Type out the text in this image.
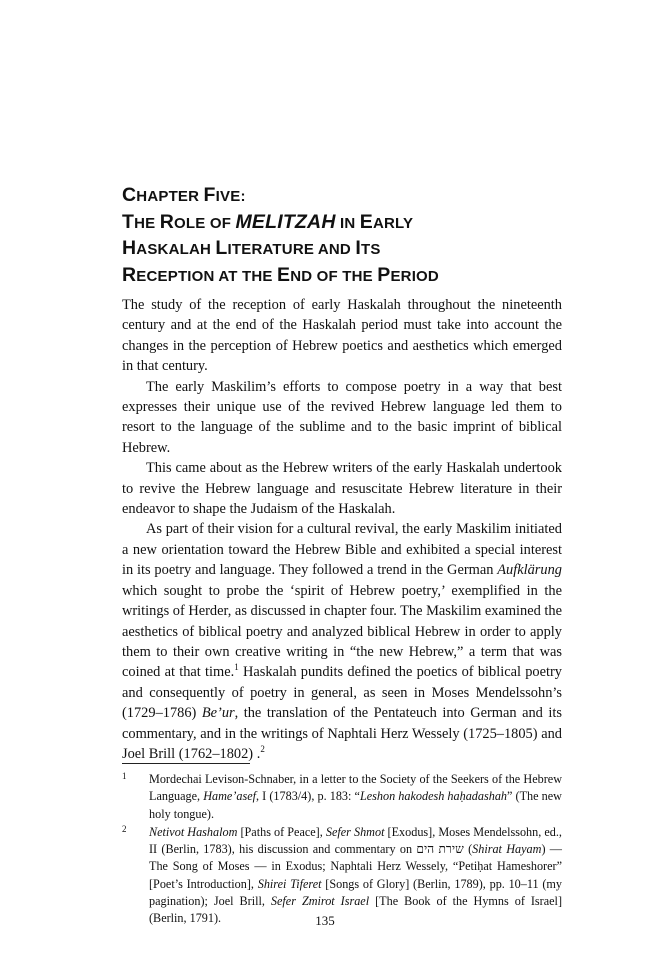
CHAPTER FIVE:
THE ROLE OF MELITZAH IN EARLY
HASKALAH LITERATURE AND ITS
RECEPTION AT THE END OF THE PERIOD

The study of the reception of early Haskalah throughout the nineteenth century and at the end of the Haskalah period must take into account the changes in the perception of Hebrew poetics and aesthetics which emerged in that century.

The early Maskilim’s efforts to compose poetry in a way that best expresses their unique use of the revived Hebrew language led them to resort to the language of the sublime and to the basic imprint of biblical Hebrew.

This came about as the Hebrew writers of the early Haskalah undertook to revive the Hebrew language and resuscitate Hebrew literature in their endeavor to shape the Judaism of the Haskalah.

As part of their vision for a cultural revival, the early Maskilim initiated a new orientation toward the Hebrew Bible and exhibited a special interest in its poetry and language. They followed a trend in the German Aufklärung which sought to probe the ‘spirit of Hebrew poetry,’ exemplified in the writings of Herder, as discussed in chapter four. The Maskilim examined the aesthetics of biblical poetry and analyzed biblical Hebrew in order to apply them to their own creative writing in “the new Hebrew,” a term that was coined at that time.$^1$ Haskalah pundits defined the poetics of biblical poetry and consequently of poetry in general, as seen in Moses Mendelssohn’s (1729–1786) Be’ur, the translation of the Pentateuch into German and its commentary, and in the writings of Naphtali Herz Wessely (1725–1805) and Joel Brill (1762–1802) .$^2$

1 Mordechai Levison-Schnaber, in a letter to the Society of the Seekers of the Hebrew Language, Hame’asef, I (1783/4), p. 183: “Leshon hakodesh haḥadashah” (The new holy tongue).
2 Netivot Hashalom [Paths of Peace], Sefer Shmot [Exodus], Moses Mendelssohn, ed., II (Berlin, 1783), his discussion and commentary on שירת הים (Shirat Hayam) — The Song of Moses — in Exodus; Naphtali Herz Wessely, “Petiḥat Hameshorer” [Poet’s Introduction], Shirei Tiferet [Songs of Glory] (Berlin, 1789), pp. 10–11 (my pagination); Joel Brill, Sefer Zmirot Israel [The Book of the Hymns of Israel] (Berlin, 1791).	135
